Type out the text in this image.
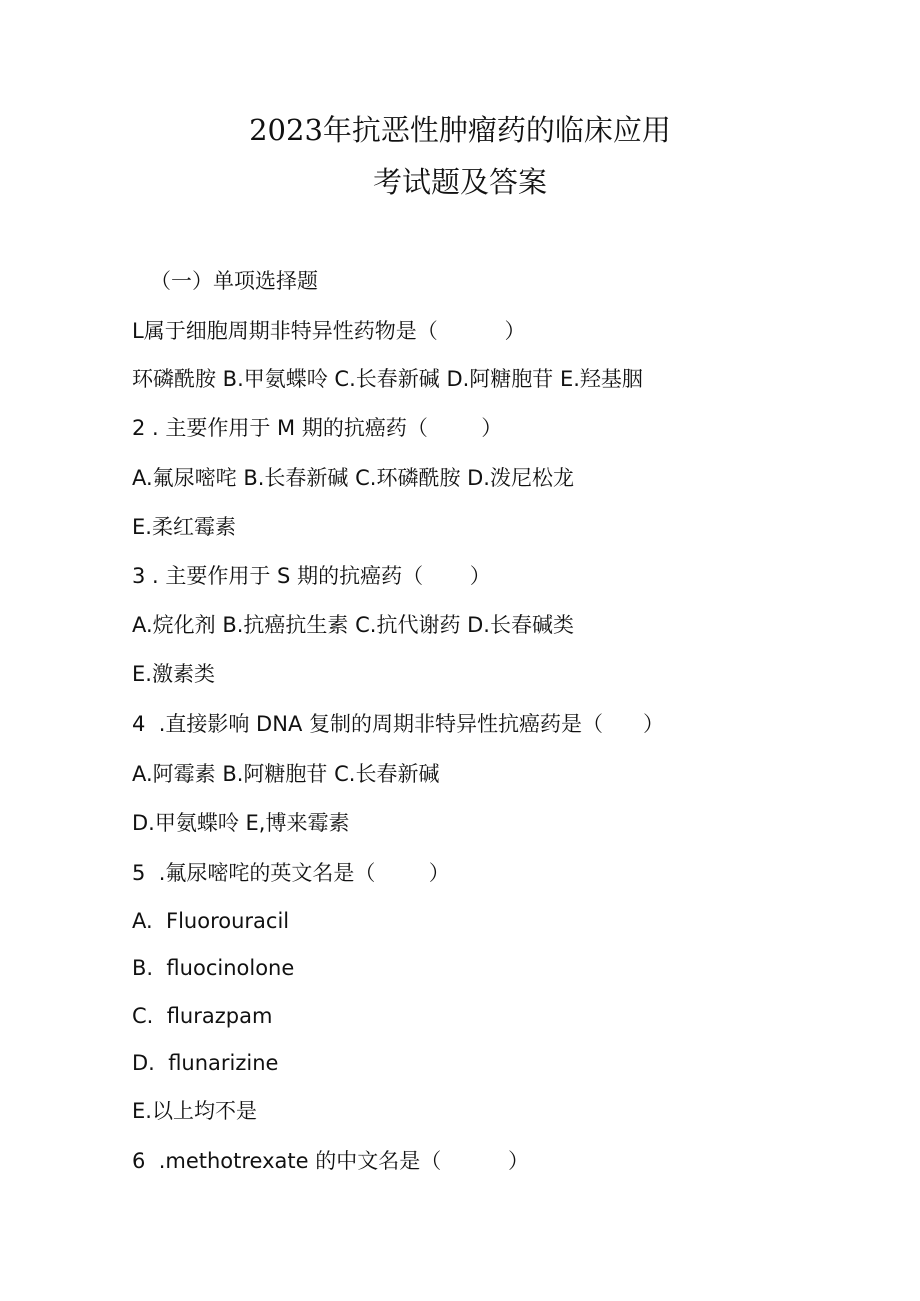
2023年抗恶性肿瘤药的临床应用
考试题及答案
（一）单项选择题
L属于细胞周期非特异性药物是（          ）
环磷酰胺 B.甲氨蝶呤 C.长春新碱 D.阿糖胞苷 E.羟基胭
2 . 主要作用于 M 期的抗癌药（        ）
A.氟尿嘧咤 B.长春新碱 C.环磷酰胺 D.泼尼松龙
E.柔红霉素
3 . 主要作用于 S 期的抗癌药（       ）
A.烷化剂 B.抗癌抗生素 C.抗代谢药 D.长春碱类
E.激素类
4  .直接影响 DNA 复制的周期非特异性抗癌药是（      ）
A.阿霉素 B.阿糖胞苷 C.长春新碱
D.甲氨蝶呤 E,博来霉素
5  .氟尿嘧咤的英文名是（        ）
A.  Fluorouracil
B.  fluocinolone
C.  flurazpam
D.  flunarizine
E.以上均不是
6  .methotrexate 的中文名是（          ）
